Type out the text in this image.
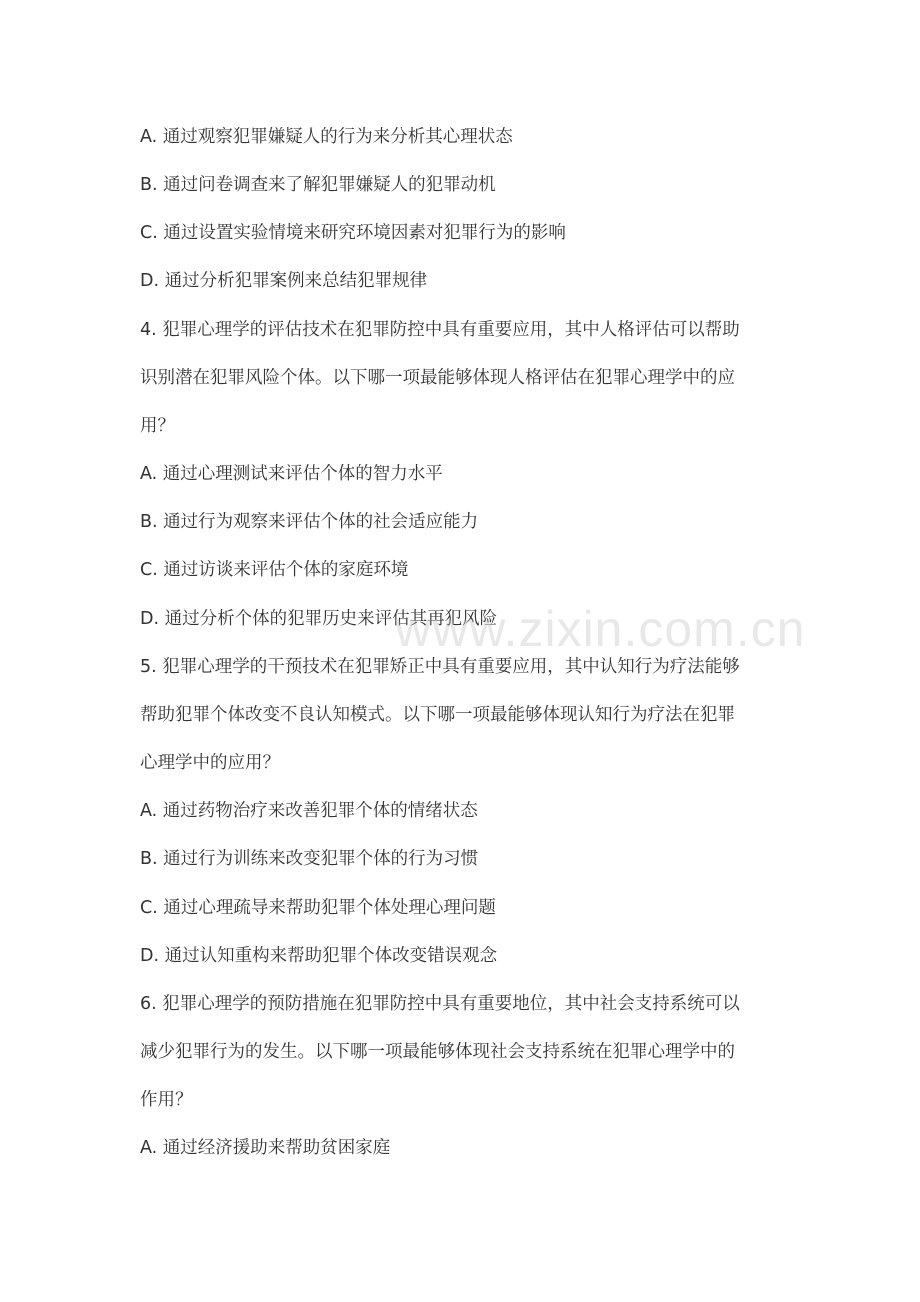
A. 通过观察犯罪嫌疑人的行为来分析其心理状态
B. 通过问卷调查来了解犯罪嫌疑人的犯罪动机
C. 通过设置实验情境来研究环境因素对犯罪行为的影响
D. 通过分析犯罪案例来总结犯罪规律
4. 犯罪心理学的评估技术在犯罪防控中具有重要应用，其中人格评估可以帮助
识别潜在犯罪风险个体。以下哪一项最能够体现人格评估在犯罪心理学中的应
用？
A. 通过心理测试来评估个体的智力水平
B. 通过行为观察来评估个体的社会适应能力
C. 通过访谈来评估个体的家庭环境
D. 通过分析个体的犯罪历史来评估其再犯风险
5. 犯罪心理学的干预技术在犯罪矫正中具有重要应用，其中认知行为疗法能够
帮助犯罪个体改变不良认知模式。以下哪一项最能够体现认知行为疗法在犯罪
心理学中的应用？
A. 通过药物治疗来改善犯罪个体的情绪状态
B. 通过行为训练来改变犯罪个体的行为习惯
C. 通过心理疏导来帮助犯罪个体处理心理问题
D. 通过认知重构来帮助犯罪个体改变错误观念
6. 犯罪心理学的预防措施在犯罪防控中具有重要地位，其中社会支持系统可以
减少犯罪行为的发生。以下哪一项最能够体现社会支持系统在犯罪心理学中的
作用？
A. 通过经济援助来帮助贫困家庭
www.zixin.com.cn
